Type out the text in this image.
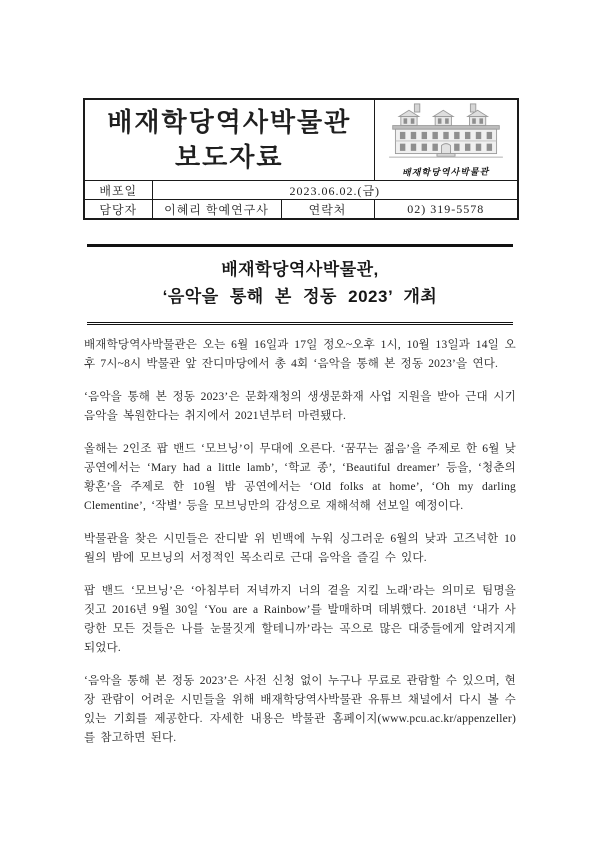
배재학당역사박물관
보도자료			배재학당역사박물관

배포일	2023.06.02.(금)		
담당자	이혜리 학예연구사	연락처	02) 319-5578
배재학당역사박물관,
‘음악을 통해 본 정동 2023’ 개최

배재학당역사박물관은 오는 6월 16일과 17일 정오~오후 1시, 10월 13일과 14일 오후 7시~8시 박물관 앞 잔디마당에서 총 4회 ‘음악을 통해 본 정동 2023’을 연다.

‘음악을 통해 본 정동 2023’은 문화재청의 생생문화재 사업 지원을 받아 근대 시기 음악을 복원한다는 취지에서 2021년부터 마련됐다.

올해는 2인조 팝 밴드 ‘모브닝’이 무대에 오른다. ‘꿈꾸는 젊음’을 주제로 한 6월 낮 공연에서는 ‘Mary had a little lamb’, ‘학교 종’, ‘Beautiful dreamer’ 등을, ‘청춘의 황혼’을 주제로 한 10월 밤 공연에서는 ‘Old folks at home’, ‘Oh my darling Clementine’, ‘작별’ 등을 모브닝만의 감성으로 재해석해 선보일 예정이다.

박물관을 찾은 시민들은 잔디밭 위 빈백에 누워 싱그러운 6월의 낮과 고즈넉한 10월의 밤에 모브닝의 서정적인 목소리로 근대 음악을 즐길 수 있다.

팝 밴드 ‘모브닝’은 ‘아침부터 저녁까지 너의 곁을 지킬 노래’라는 의미로 팀명을 짓고 2016년 9월 30일 ‘You are a Rainbow’를 발매하며 데뷔했다. 2018년 ‘내가 사랑한 모든 것들은 나를 눈물짓게 할테니까’라는 곡으로 많은 대중들에게 알려지게 되었다.

‘음악을 통해 본 정동 2023’은 사전 신청 없이 누구나 무료로 관람할 수 있으며, 현장 관람이 어려운 시민들을 위해 배재학당역사박물관 유튜브 채널에서 다시 볼 수 있는 기회를 제공한다. 자세한 내용은 박물관 홈페이지(www.pcu.ac.kr/appenzeller)를 참고하면 된다.
